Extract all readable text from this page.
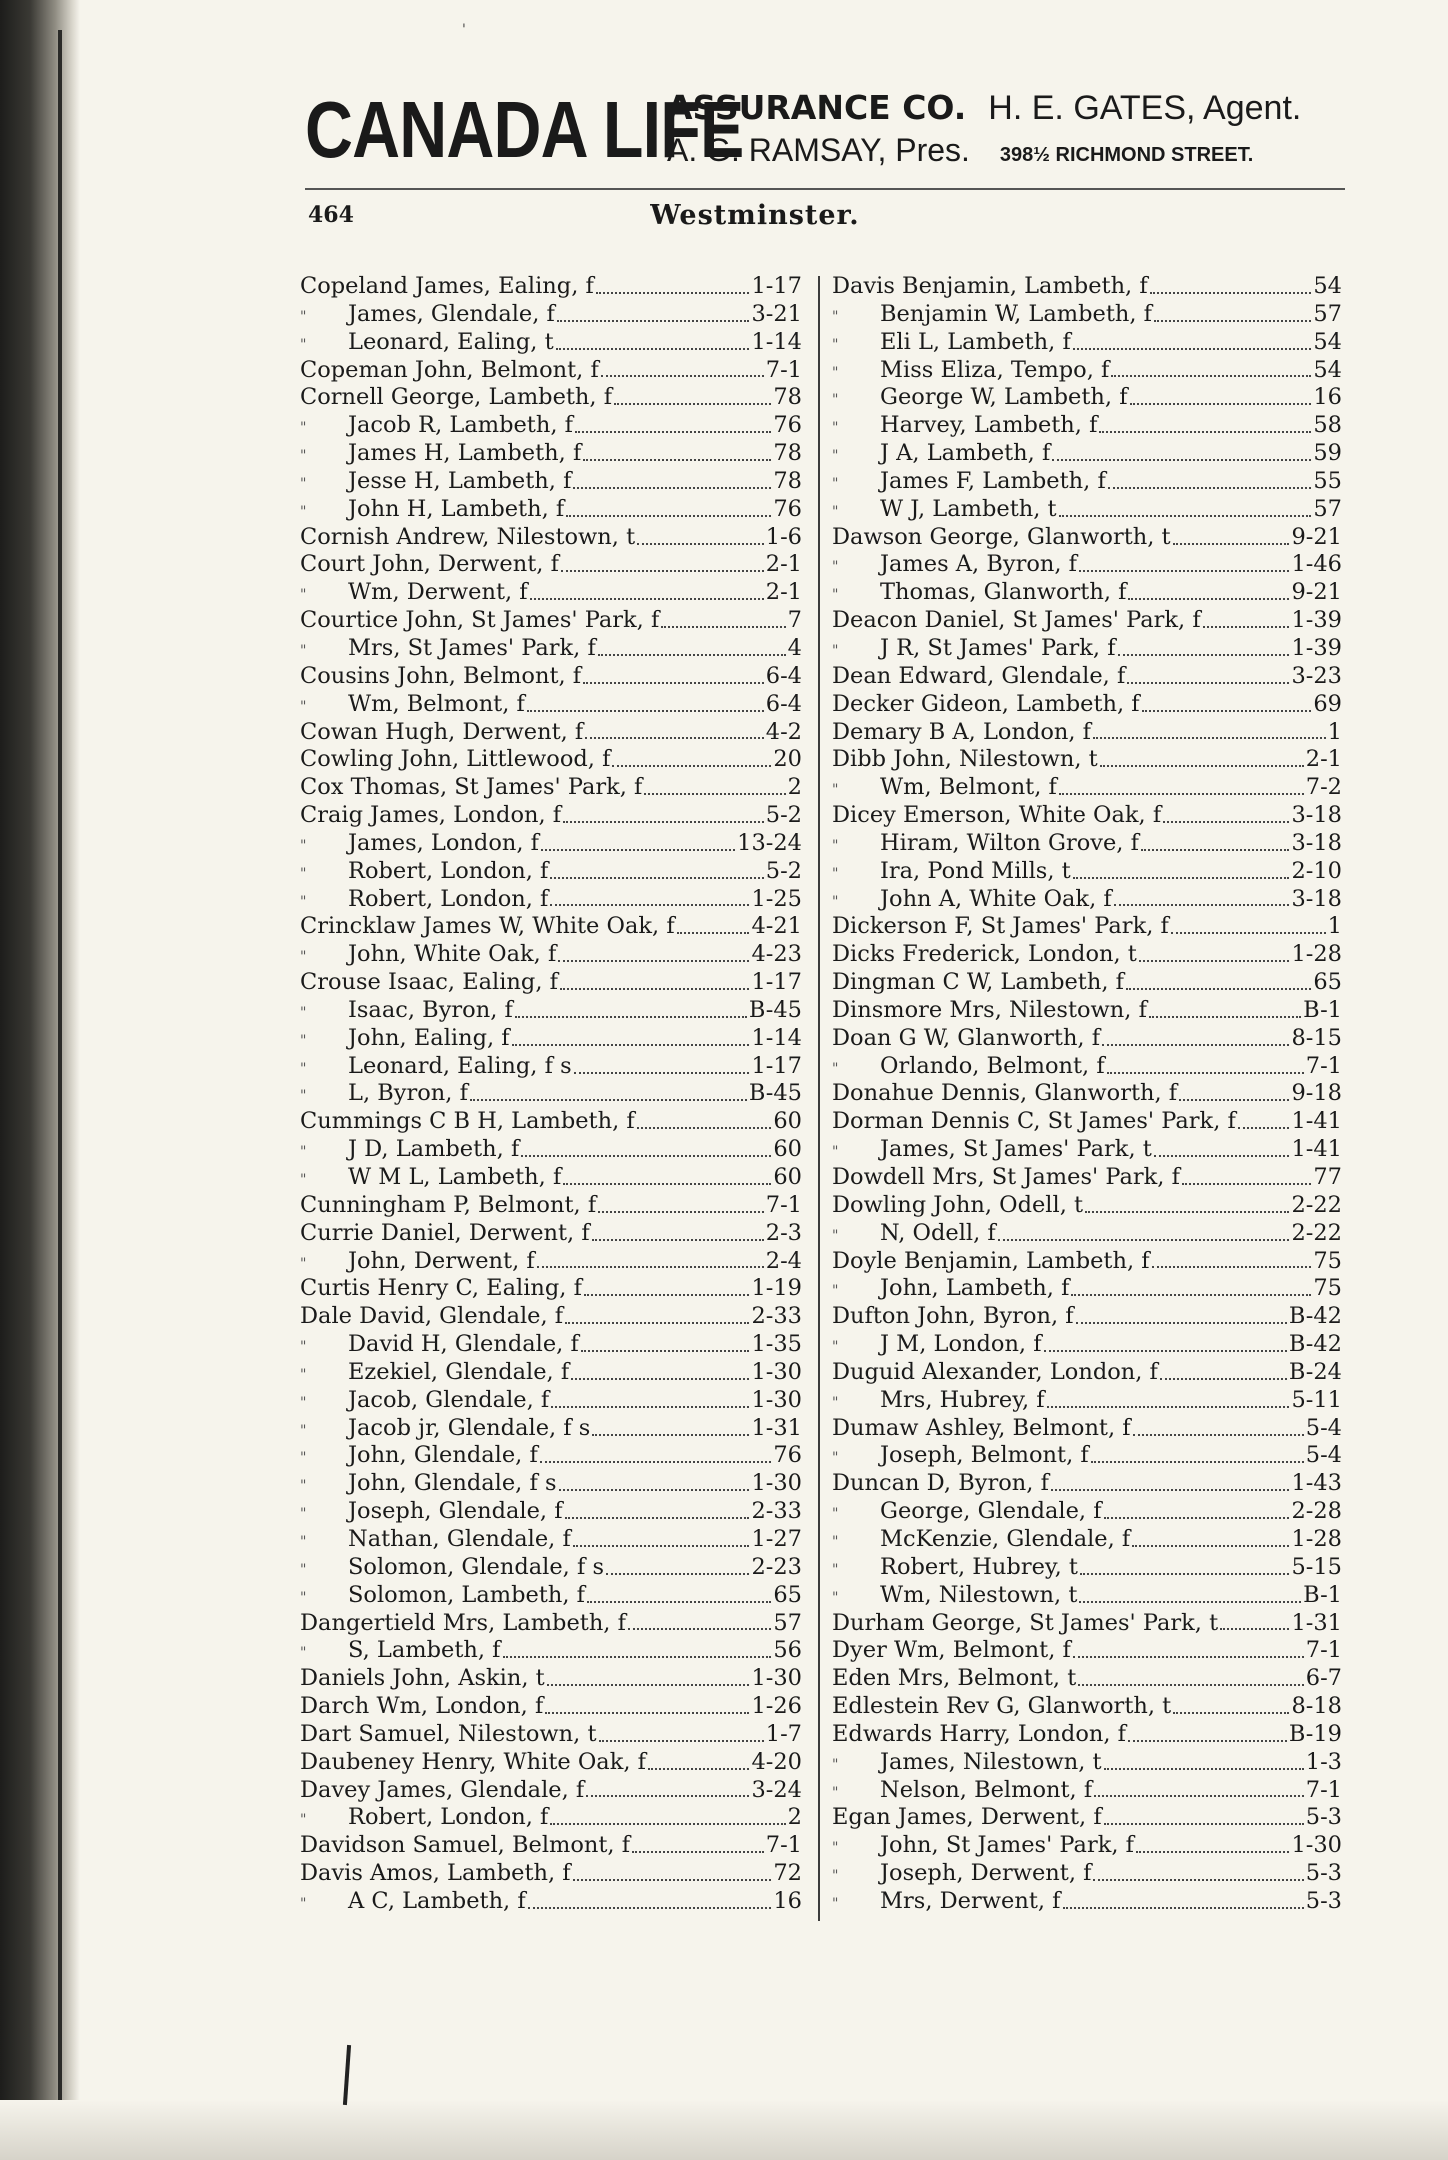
CANADA LIFE
ASSURANCE CO. H. E. GATES, Agent.
A. G. RAMSAY, Pres. 398½ RICHMOND STREET.
464	Westminster.
Copeland James, Ealing, f	1-17
"	James, Glendale, f	3-21
"	Leonard, Ealing, t	1-14
Copeman John, Belmont, f	7-1
Cornell George, Lambeth, f	78
"	Jacob R, Lambeth, f	76
"	James H, Lambeth, f	78
"	Jesse H, Lambeth, f	78
"	John H, Lambeth, f	76
Cornish Andrew, Nilestown, t	1-6
Court John, Derwent, f	2-1
"	Wm, Derwent, f	2-1
Courtice John, St James' Park, f	7
"	Mrs, St James' Park, f	4
Cousins John, Belmont, f	6-4
"	Wm, Belmont, f	6-4
Cowan Hugh, Derwent, f	4-2
Cowling John, Littlewood, f	20
Cox Thomas, St James' Park, f	2
Craig James, London, f	5-2
"	James, London, f	13-24
"	Robert, London, f	5-2
"	Robert, London, f	1-25
Crincklaw James W, White Oak, f	4-21
"	John, White Oak, f	4-23
Crouse Isaac, Ealing, f	1-17
"	Isaac, Byron, f	B-45
"	John, Ealing, f	1-14
"	Leonard, Ealing, f s	1-17
"	L, Byron, f	B-45
Cummings C B H, Lambeth, f	60
"	J D, Lambeth, f	60
"	W M L, Lambeth, f	60
Cunningham P, Belmont, f	7-1
Currie Daniel, Derwent, f	2-3
"	John, Derwent, f	2-4
Curtis Henry C, Ealing, f	1-19
Dale David, Glendale, f	2-33
"	David H, Glendale, f	1-35
"	Ezekiel, Glendale, f	1-30
"	Jacob, Glendale, f	1-30
"	Jacob jr, Glendale, f s	1-31
"	John, Glendale, f	76
"	John, Glendale, f s	1-30
"	Joseph, Glendale, f	2-33
"	Nathan, Glendale, f	1-27
"	Solomon, Glendale, f s	2-23
"	Solomon, Lambeth, f	65
Dangertield Mrs, Lambeth, f	57
"	S, Lambeth, f	56
Daniels John, Askin, t	1-30
Darch Wm, London, f	1-26
Dart Samuel, Nilestown, t	1-7
Daubeney Henry, White Oak, f	4-20
Davey James, Glendale, f	3-24
"	Robert, London, f	2
Davidson Samuel, Belmont, f	7-1
Davis Amos, Lambeth, f	72
"	A C, Lambeth, f	16
Davis Benjamin, Lambeth, f	54
"	Benjamin W, Lambeth, f	57
"	Eli L, Lambeth, f	54
"	Miss Eliza, Tempo, f	54
"	George W, Lambeth, f	16
"	Harvey, Lambeth, f	58
"	J A, Lambeth, f	59
"	James F, Lambeth, f	55
"	W J, Lambeth, t	57
Dawson George, Glanworth, t	9-21
"	James A, Byron, f	1-46
"	Thomas, Glanworth, f	9-21
Deacon Daniel, St James' Park, f	1-39
"	J R, St James' Park, f	1-39
Dean Edward, Glendale, f	3-23
Decker Gideon, Lambeth, f	69
Demary B A, London, f	1
Dibb John, Nilestown, t	2-1
"	Wm, Belmont, f	7-2
Dicey Emerson, White Oak, f	3-18
"	Hiram, Wilton Grove, f	3-18
"	Ira, Pond Mills, t	2-10
"	John A, White Oak, f	3-18
Dickerson F, St James' Park, f	1
Dicks Frederick, London, t	1-28
Dingman C W, Lambeth, f	65
Dinsmore Mrs, Nilestown, f	B-1
Doan G W, Glanworth, f	8-15
"	Orlando, Belmont, f	7-1
Donahue Dennis, Glanworth, f	9-18
Dorman Dennis C, St James' Park, f 1-41
"	James, St James' Park, t	1-41
Dowdell Mrs, St James' Park, f	77
Dowling John, Odell, t	2-22
"	N, Odell, f	2-22
Doyle Benjamin, Lambeth, f	75
"	John, Lambeth, f	75
Dufton John, Byron, f	B-42
"	J M, London, f	B-42
Duguid Alexander, London, f	B-24
"	Mrs, Hubrey, f	5-11
Dumaw Ashley, Belmont, f	5-4
"	Joseph, Belmont, f	5-4
Duncan D, Byron, f	1-43
"	George, Glendale, f	2-28
"	McKenzie, Glendale, f	1-28
"	Robert, Hubrey, t	5-15
"	Wm, Nilestown, t	B-1
Durham George, St James' Park, t	1-31
Dyer Wm, Belmont, f	7-1
Eden Mrs, Belmont, t	6-7
Edlestein Rev G, Glanworth, t	8-18
Edwards Harry, London, f	B-19
"	James, Nilestown, t	1-3
"	Nelson, Belmont, f	7-1
Egan James, Derwent, f	5-3
"	John, St James' Park, f	1-30
"	Joseph, Derwent, f	5-3
"	Mrs, Derwent, f	5-3
'
